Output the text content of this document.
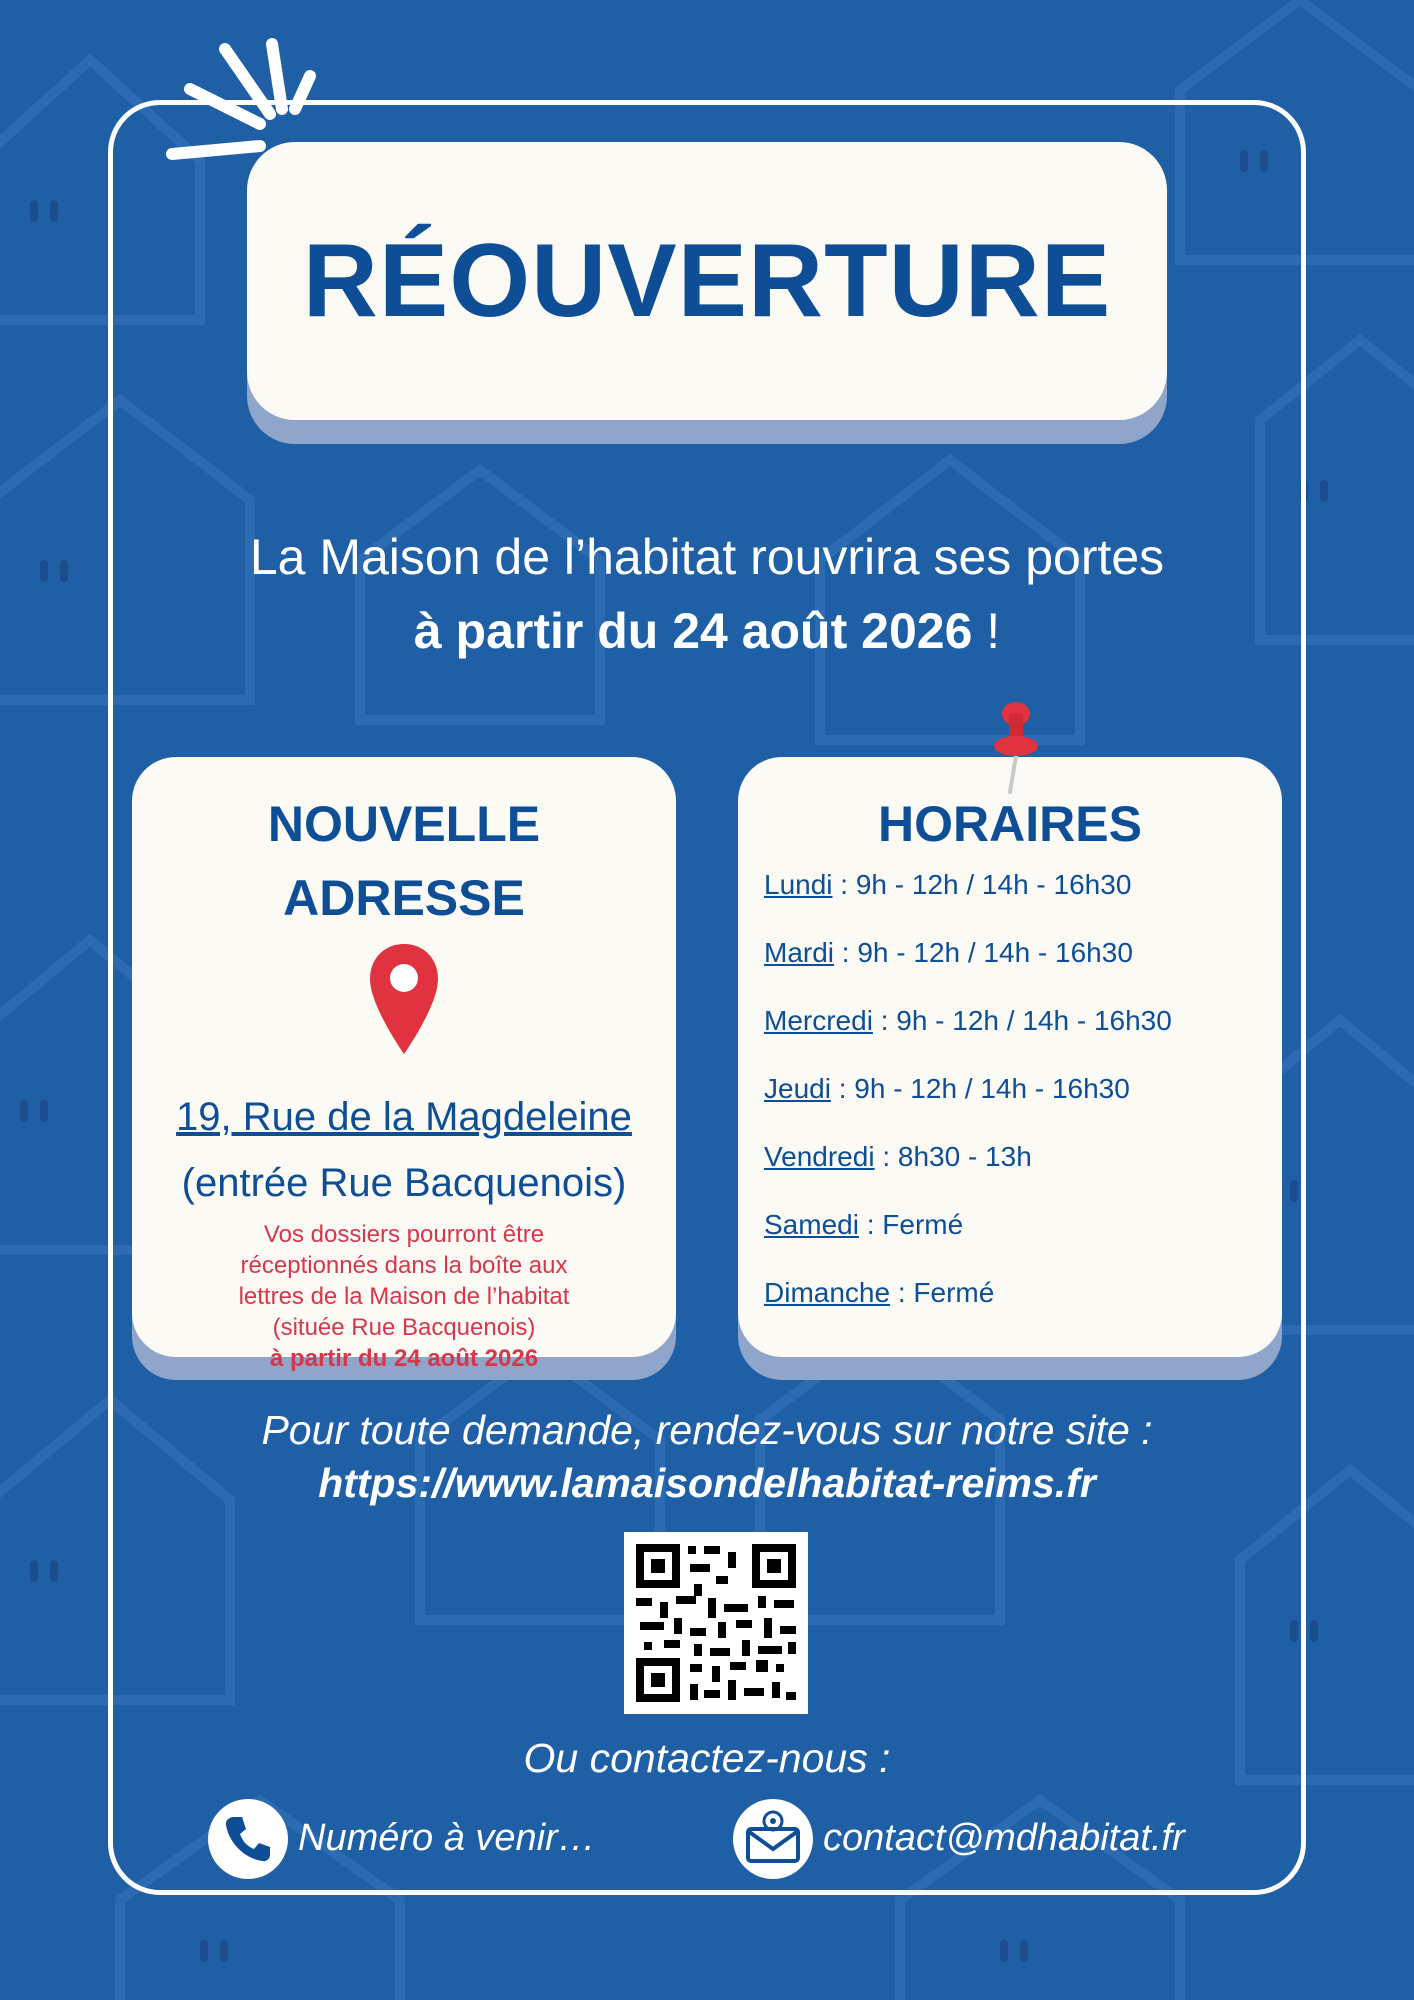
RÉOUVERTURE
La Maison de l’habitat rouvrira ses portes
à partir du 24 août 2026 !
NOUVELLE
ADRESSE
19, Rue de la Magdeleine
(entrée Rue Bacquenois)
Vos dossiers pourront être
réceptionnés dans la boîte aux
lettres de la Maison de l’habitat
(située Rue Bacquenois)
à partir du 24 août 2026
HORAIRES
Lundi : 9h - 12h / 14h - 16h30
Mardi : 9h - 12h / 14h - 16h30
Mercredi : 9h - 12h / 14h - 16h30
Jeudi : 9h - 12h / 14h - 16h30
Vendredi : 8h30 - 13h
Samedi : Fermé
Dimanche : Fermé
Pour toute demande, rendez-vous sur notre site :
https://www.lamaisondelhabitat-reims.fr
Ou contactez-nous :
Numéro à venir…	contact@mdhabitat.fr
